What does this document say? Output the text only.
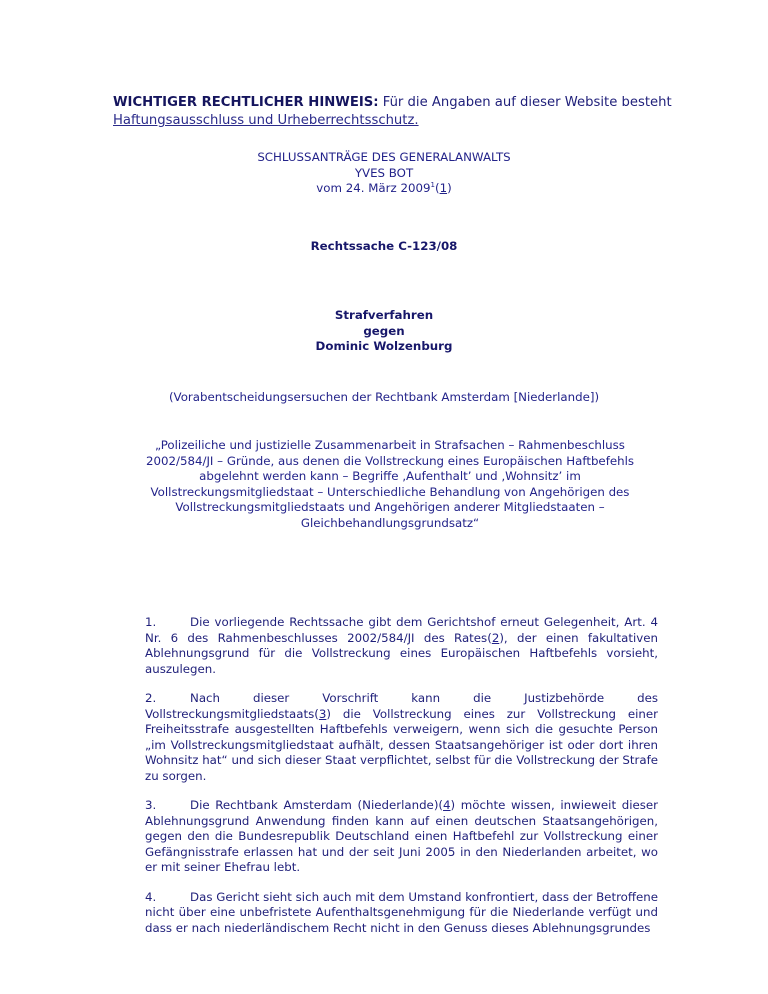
WICHTIGER RECHTLICHER HINWEIS: Für die Angaben auf dieser Website besteht Haftungsausschluss und Urheberrechtsschutz.
SCHLUSSANTRÄGE DES GENERALANWALTS
YVES BOT
vom 24. März 2009$^1$(1)
Rechtssache C-123/08
Strafverfahren
gegen
Dominic Wolzenburg
(Vorabentscheidungsersuchen der Rechtbank Amsterdam [Niederlande])
„Polizeiliche und justizielle Zusammenarbeit in Strafsachen – Rahmenbeschluss 2002/584/JI – Gründe, aus denen die Vollstreckung eines Europäischen Haftbefehls abgelehnt werden kann – Begriffe ‚Aufenthalt’ und ‚Wohnsitz’ im Vollstreckungsmitgliedstaat – Unterschiedliche Behandlung von Angehörigen des Vollstreckungsmitgliedstaats und Angehörigen anderer Mitgliedstaaten – Gleichbehandlungsgrundsatz“

1.	Die vorliegende Rechtssache gibt dem Gerichtshof erneut Gelegenheit, Art. 4 Nr. 6 des Rahmenbeschlusses 2002/584/JI des Rates(2), der einen fakultativen Ablehnungsgrund für die Vollstreckung eines Europäischen Haftbefehls vorsieht, auszulegen.

2.	Nach dieser Vorschrift kann die Justizbehörde des Vollstreckungsmitgliedstaats(3) die Vollstreckung eines zur Vollstreckung einer Freiheitsstrafe ausgestellten Haftbefehls verweigern, wenn sich die gesuchte Person „im Vollstreckungsmitgliedstaat aufhält, dessen Staatsangehöriger ist oder dort ihren Wohnsitz hat“ und sich dieser Staat verpflichtet, selbst für die Vollstreckung der Strafe zu sorgen.

3.	Die Rechtbank Amsterdam (Niederlande)(4) möchte wissen, inwieweit dieser Ablehnungsgrund Anwendung finden kann auf einen deutschen Staatsangehörigen, gegen den die Bundesrepublik Deutschland einen Haftbefehl zur Vollstreckung einer Gefängnisstrafe erlassen hat und der seit Juni 2005 in den Niederlanden arbeitet, wo er mit seiner Ehefrau lebt.

4.	Das Gericht sieht sich auch mit dem Umstand konfrontiert, dass der Betroffene nicht über eine unbefristete Aufenthaltsgenehmigung für die Niederlande verfügt und dass er nach niederländischem Recht nicht in den Genuss dieses Ablehnungsgrundes
